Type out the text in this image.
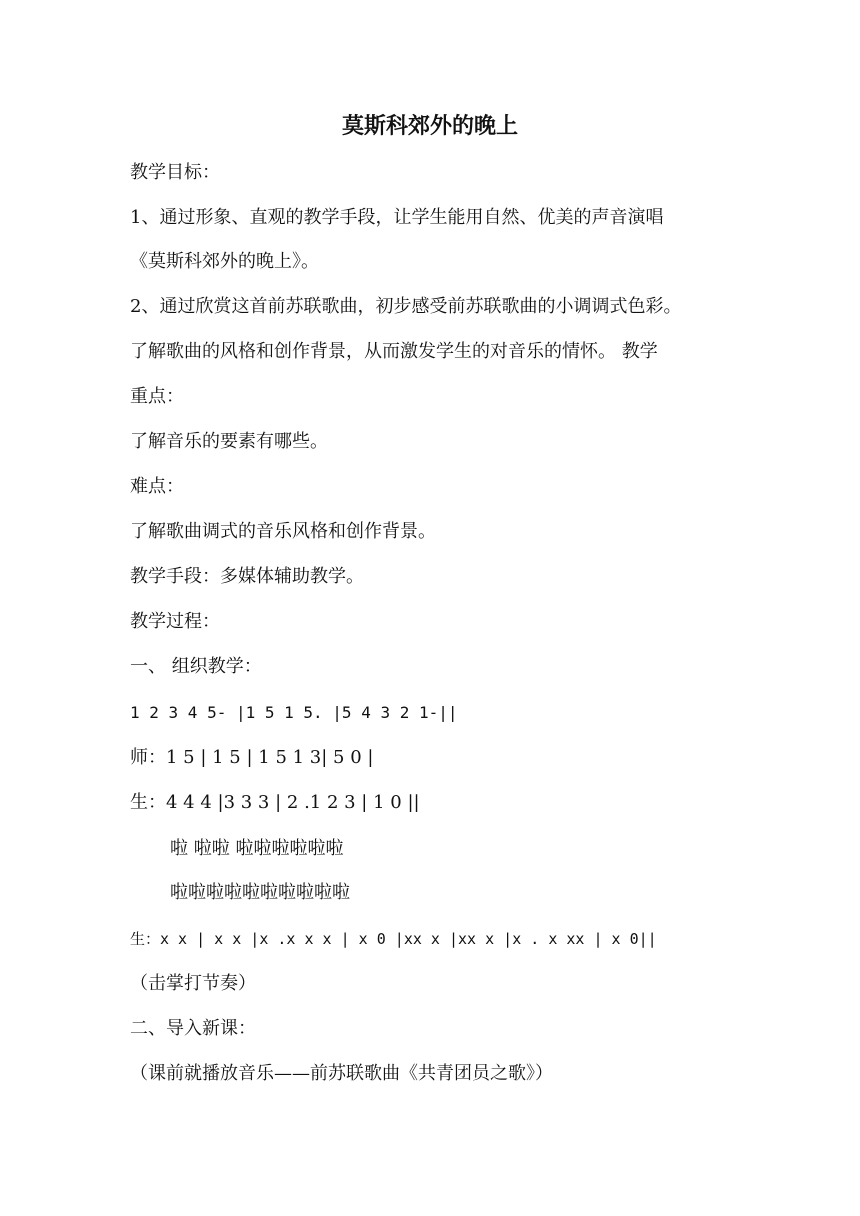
莫斯科郊外的晚上
教学目标：
1、通过形象、直观的教学手段，让学生能用自然、优美的声音演唱
《莫斯科郊外的晚上》。
2、通过欣赏这首前苏联歌曲，初步感受前苏联歌曲的小调调式色彩。
了解歌曲的风格和创作背景，从而激发学生的对音乐的情怀。 教学
重点：
了解音乐的要素有哪些。
难点：
了解歌曲调式的音乐风格和创作背景。
教学手段：多媒体辅助教学。
教学过程：
一、 组织教学：
1 2 3 4 5- |1 5 1 5. |5 4 3 2 1-||
师：1 5 | 1 5 | 1 5 1 3| 5 0 |
生：4 4 4 |3 3 3 | 2 .1 2 3 | 1 0 ||
啦 啦啦 啦啦啦啦啦啦
啦啦啦啦啦啦啦啦啦啦
生：x x | x x |x .x x x | x 0 |xx x |xx x |x . x xx | x 0||
（击掌打节奏）
二、导入新课：
（课前就播放音乐——前苏联歌曲《共青团员之歌》）
